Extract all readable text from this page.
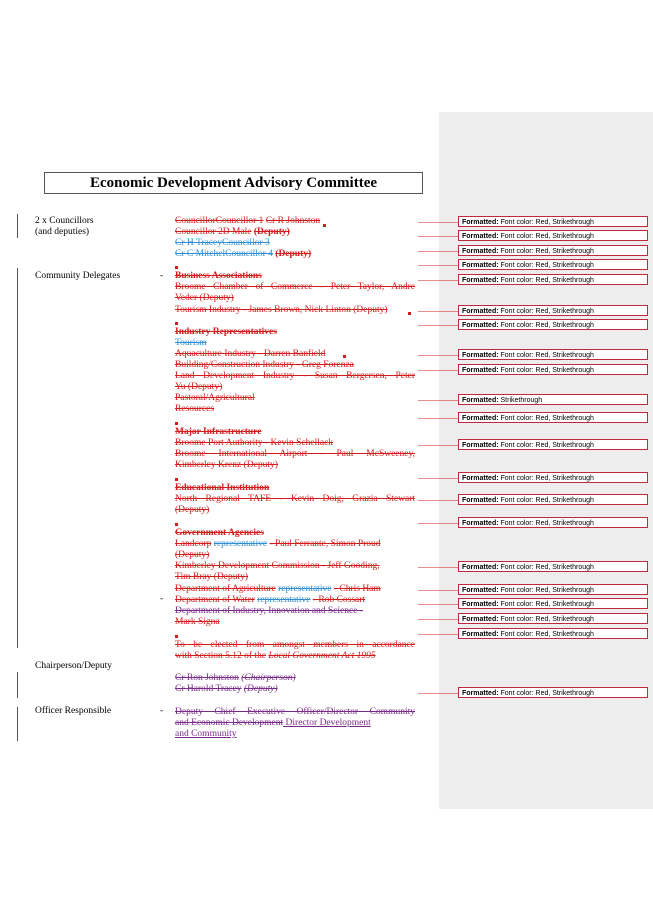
Economic Development Advisory Committee
2 x Councillors
(and deputies)
Community Delegates	-
-
Chairperson/Deputy
Officer Responsible	-
CouncillorCouncillor 1 Cr R Johnston
Councillor 2D Male (Deputy)
Cr H TraceyCouncillor 3
Cr C MitchelCouncillor 4 (Deputy)
Business Associations
Broome Chamber of Commerce - Peter Taylor, Andre
Veder (Deputy)
Tourism Industry - James Brown, Nick Linton (Deputy)
Industry Representatives
Tourism
Aquaculture Industry - Darren Banfield
Building/Construction Industry - Greg Forenza
Land Development Industry - Susan Bergersen, Peter
Yu (Deputy)
Pastoral/Agricultural
Resources
Major Infrastructure
Broome Port Authority - Kevin Schellack
Broome International Airport - Paul McSweeney,
Kimberley Krenz (Deputy)
Educational Institution
North Regional TAFE - Kevin Doig, Grazia Stewart
(Deputy)
Government Agencies
Landcorp representative - Paul Ferrante, Simon Proud
(Deputy)
Kimberley Development Commission - Jeff Gooding,
Tim Bray (Deputy)
Department of Agriculture representative - Chris Ham
Department of Water representative - Rob Cossart
Department of Industry, Innovation and Science -
Mark Signa
To be elected from amongst members in accordance
with Section 5.12 of the Local Government Act 1995
Cr Ron Johnston (Chairperson)
Cr Harold Tracey (Deputy)
Deputy Chief Executive Officer/Director Community
and Economic Development Director Development
and Community
Formatted: Font color: Red, Strikethrough
Formatted: Font color: Red, Strikethrough
Formatted: Font color: Red, Strikethrough
Formatted: Font color: Red, Strikethrough
Formatted: Font color: Red, Strikethrough
Formatted: Font color: Red, Strikethrough
Formatted: Font color: Red, Strikethrough
Formatted: Font color: Red, Strikethrough
Formatted: Font color: Red, Strikethrough
Formatted: Strikethrough
Formatted: Font color: Red, Strikethrough
Formatted: Font color: Red, Strikethrough
Formatted: Font color: Red, Strikethrough
Formatted: Font color: Red, Strikethrough
Formatted: Font color: Red, Strikethrough
Formatted: Font color: Red, Strikethrough
Formatted: Font color: Red, Strikethrough
Formatted: Font color: Red, Strikethrough
Formatted: Font color: Red, Strikethrough
Formatted: Font color: Red, Strikethrough
Formatted: Font color: Red, Strikethrough
